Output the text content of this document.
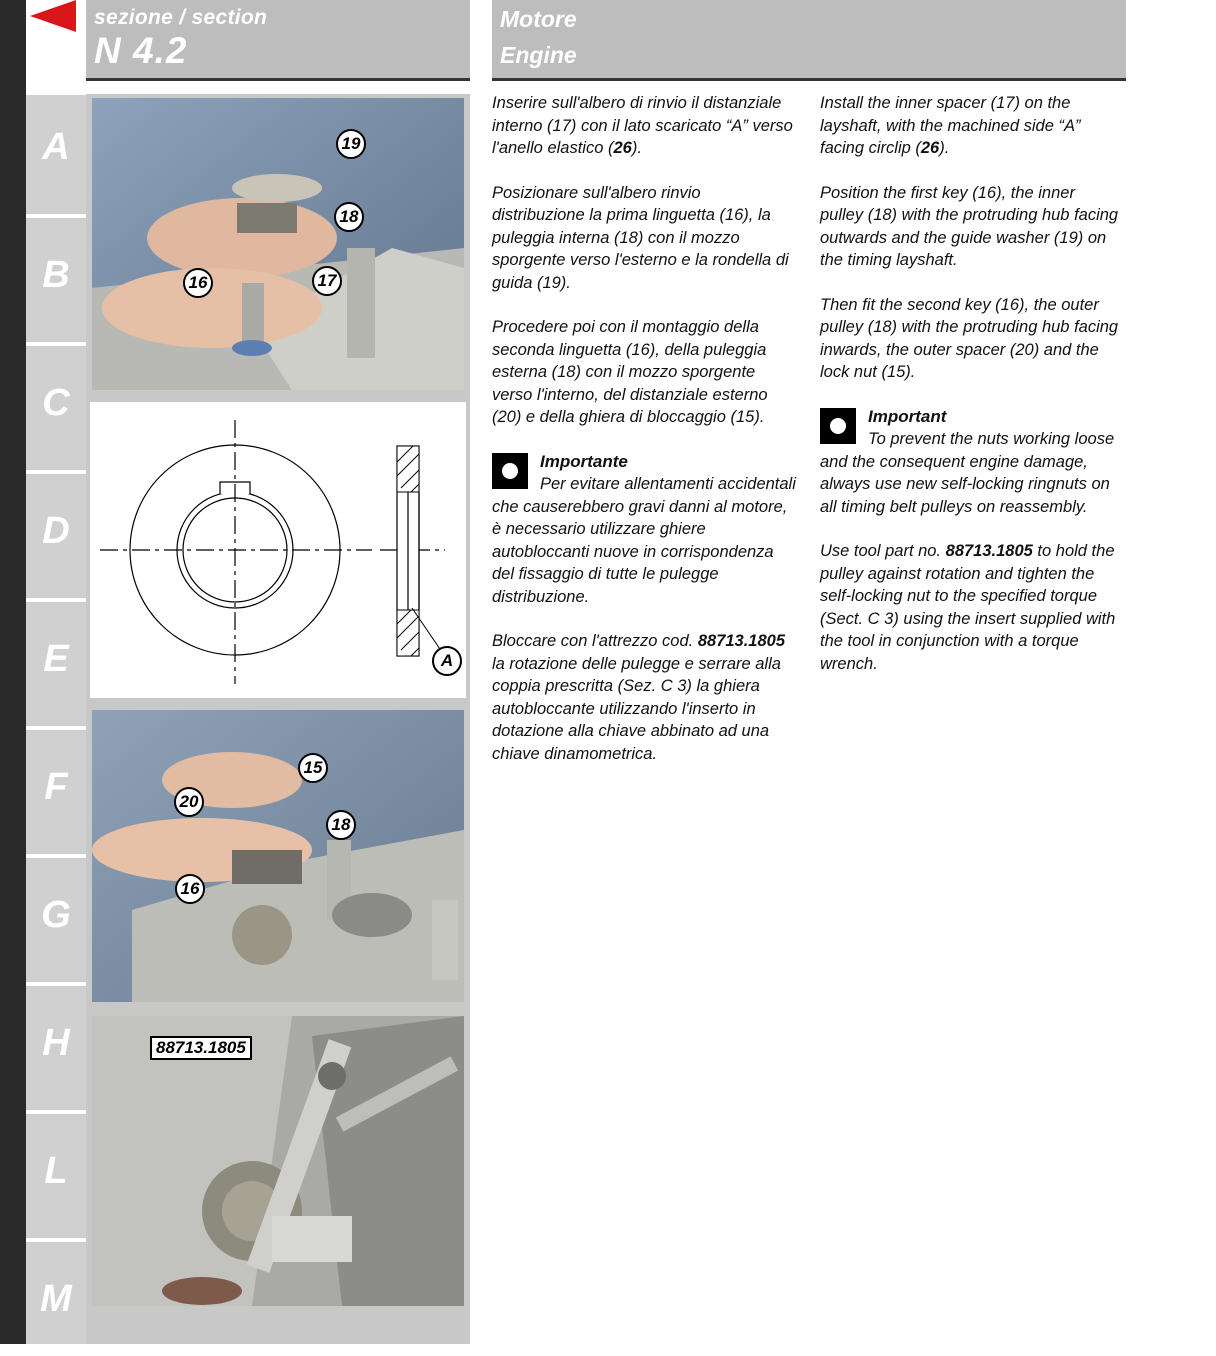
sezione / section
N 4.2
Motore
Engine
A
B
C
D
E
F
G
H
L
M
19
18
16	17
A
15
20
18
16
88713.1805

Inserire sull'albero di rinvio il distanziale interno (17) con il lato scaricato “A” verso l'anello elastico (26).

Posizionare sull'albero rinvio distribuzione la prima linguetta (16), la puleggia interna (18) con il mozzo sporgente verso l'esterno e la rondella di guida (19).

Procedere poi con il montaggio della seconda linguetta (16), della puleggia esterna (18) con il mozzo sporgente verso l'interno, del distanziale esterno (20) e della ghiera di bloccaggio (15).

Importante
Per evitare allentamenti accidentali che causerebbero gravi danni al motore, è necessario utilizzare ghiere autobloccanti nuove in corrispondenza del fissaggio di tutte le pulegge distribuzione.

Bloccare con l'attrezzo cod. 88713.1805 la rotazione delle pulegge e serrare alla coppia prescritta (Sez. C 3) la ghiera autobloccante utilizzando l'inserto in dotazione alla chiave abbinato ad una chiave dinamometrica.

Install the inner spacer (17) on the layshaft, with the machined side “A” facing circlip (26).

Position the first key (16), the inner pulley (18) with the protruding hub facing outwards and the guide washer (19) on the timing layshaft.

Then fit the second key (16), the outer pulley (18) with the protruding hub facing inwards, the outer spacer (20) and the lock nut (15).

Important
To prevent the nuts working loose and the consequent engine damage, always use new self-locking ringnuts on all timing belt pulleys on reassembly.

Use tool part no. 88713.1805 to hold the pulley against rotation and tighten the self-locking nut to the specified torque (Sect. C 3) using the insert supplied with the tool in conjunction with a torque wrench.
